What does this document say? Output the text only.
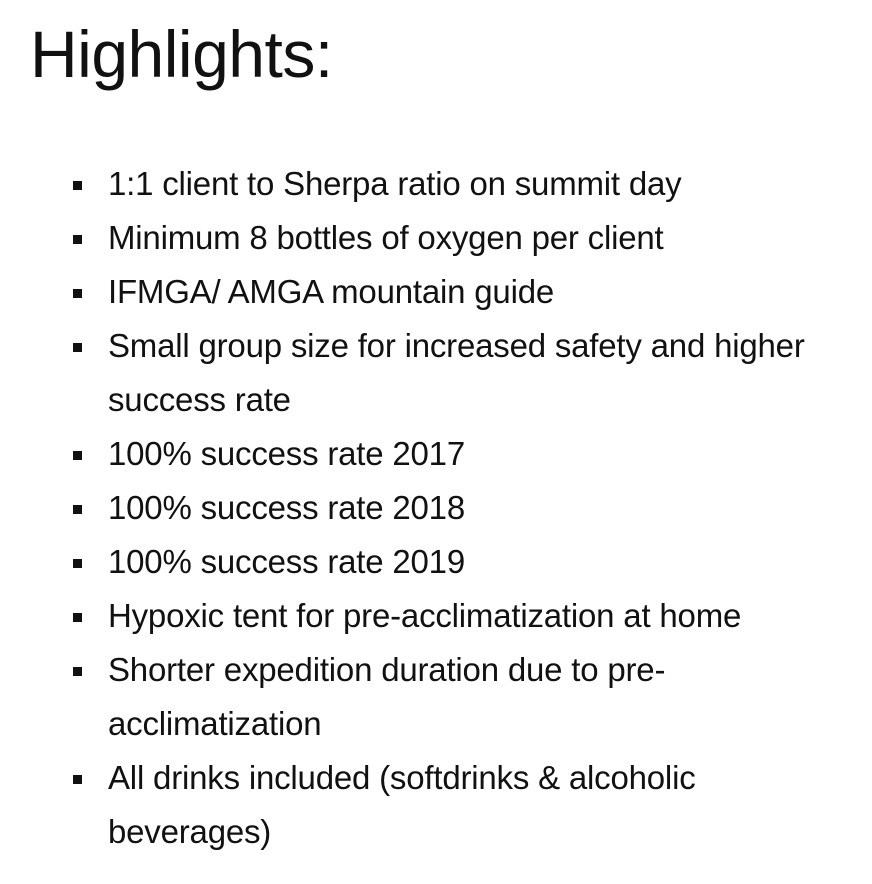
Highlights:
1:1 client to Sherpa ratio on summit day
Minimum 8 bottles of oxygen per client
IFMGA/ AMGA mountain guide
Small group size for increased safety and higher success rate
100% success rate 2017
100% success rate 2018
100% success rate 2019
Hypoxic tent for pre-acclimatization at home
Shorter expedition duration due to pre-acclimatization
All drinks included (softdrinks & alcoholic beverages)
